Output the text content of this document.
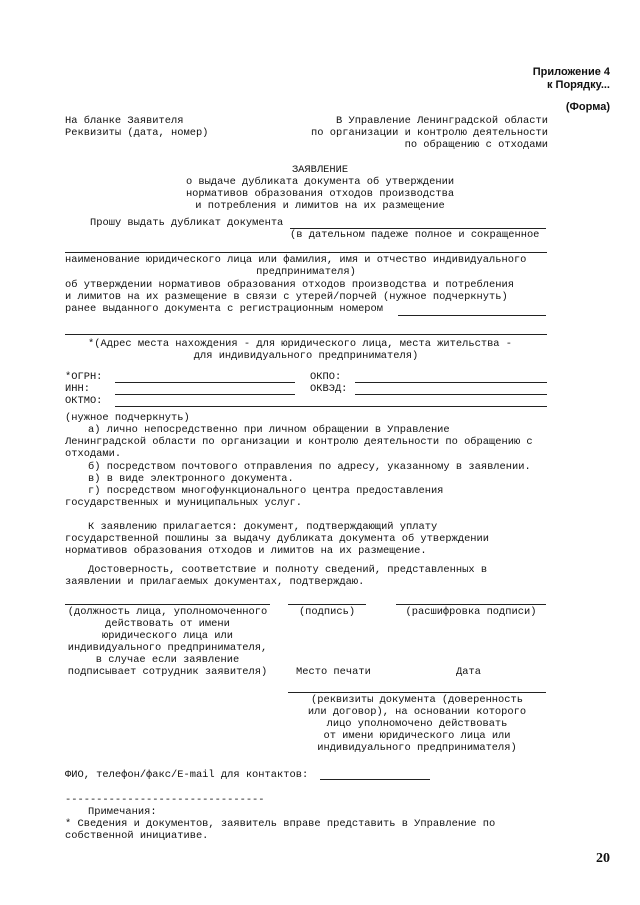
Приложение 4
к Порядку...
(Форма)
На бланке Заявителя
Реквизиты (дата, номер)
В Управление Ленинградской области
по организации и контролю деятельности
по обращению с отходами
ЗАЯВЛЕНИЕ
о выдаче дубликата документа об утверждении
нормативов образования отходов производства
и потребления и лимитов на их размещение
Прошу выдать дубликат документа
(в дательном падеже полное и сокращенное
наименование юридического лица или фамилия, имя и отчество индивидуального
предпринимателя)
об утверждении нормативов образования отходов производства и потребления
и лимитов на их размещение в связи с утерей/порчей (нужное подчеркнуть)
ранее выданного документа с регистрационным номером
*(Адрес места нахождения - для юридического лица, места жительства -
для индивидуального предпринимателя)
*ОГРН:	ОКПО:
ИНН:	ОКВЭД:
ОКТМО:
(нужное подчеркнуть)
а) лично непосредственно при личном обращении в Управление
Ленинградской области по организации и контролю деятельности по обращению с
отходами.
б) посредством почтового отправления по адресу, указанному в заявлении.
в) в виде электронного документа.
г) посредством многофункционального центра предоставления
государственных и муниципальных услуг.
К заявлению прилагается: документ, подтверждающий уплату
государственной пошлины за выдачу дубликата документа об утверждении
нормативов образования отходов и лимитов на их размещение.
Достоверность, соответствие и полноту сведений, представленных в
заявлении и прилагаемых документах, подтверждаю.
(должность лица, уполномоченного
действовать от имени
юридического лица или
индивидуального предпринимателя,
в случае если заявление
подписывает сотрудник заявителя)
(подпись)	(расшифровка подписи)
Место печати	Дата
(реквизиты документа (доверенность
или договор), на основании которого
лицо уполномочено действовать
от имени юридического лица или
индивидуального предпринимателя)
ФИО, телефон/факс/E-mail для контактов:
--------------------------------
Примечания:
* Сведения и документов, заявитель вправе представить в Управление по
собственной инициативе.
20
